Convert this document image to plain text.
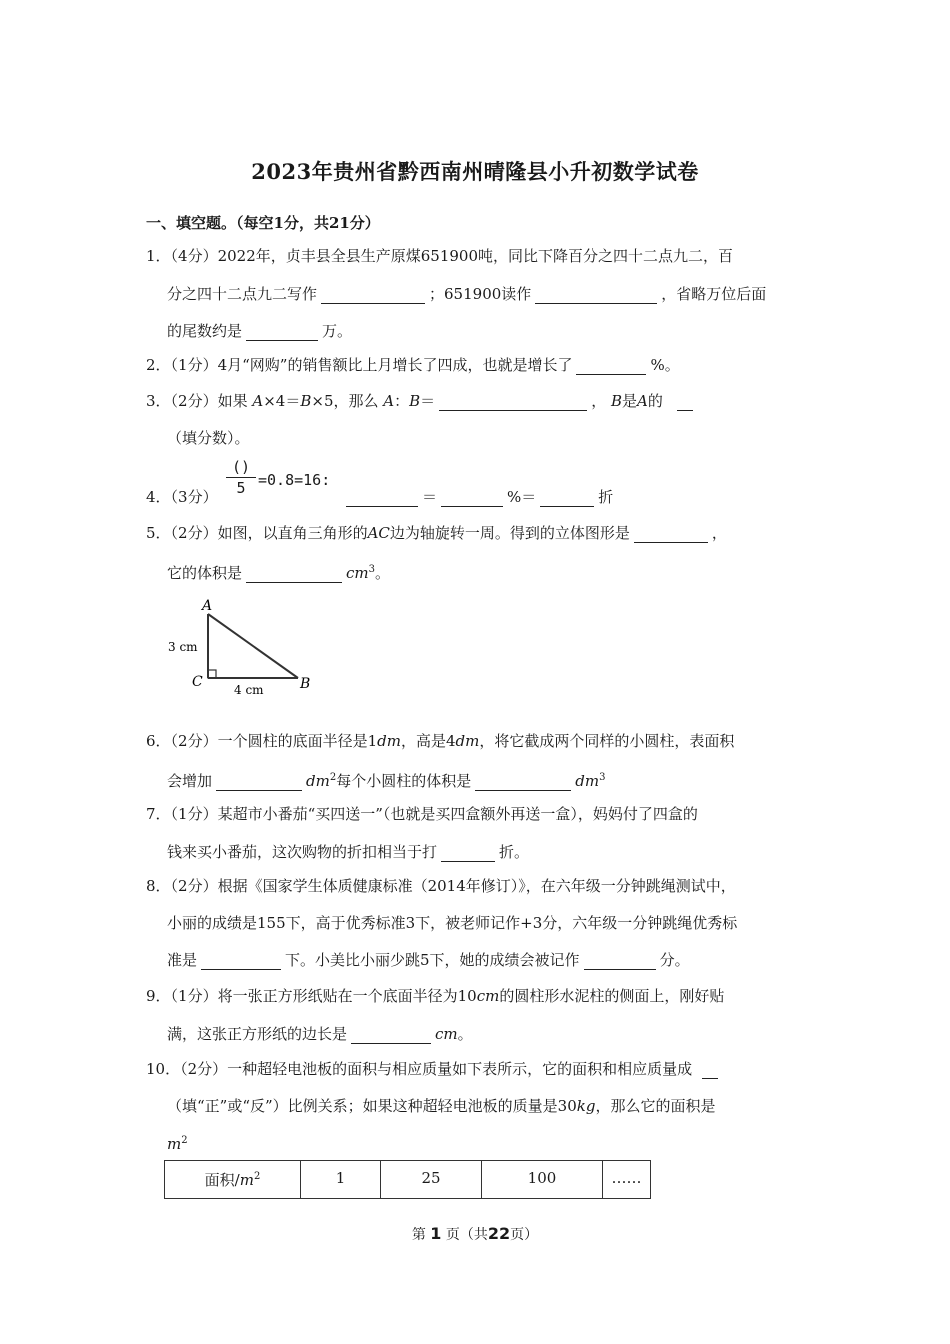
2023年贵州省黔西南州晴隆县小升初数学试卷
一、填空题。（每空1分，共21分）
1．（4分）2022年，贞丰县全县生产原煤651900吨，同比下降百分之四十二点九二，百
分之四十二点九二写作	；651900读作	，省略万位后面
的尾数约是	万。
2．（1分）4月“网购”的销售额比上月增长了四成，也就是增长了	%。
3．（2分）如果 A×4＝B×5，那么 A：B＝	， B是A的
（填分数）。
()
5 =0.8=16:
4．（3分）	＝	%＝	折
5．（2分）如图，以直角三角形的AC边为轴旋转一周。得到的立体图形是	，
它的体积是	$cm^3$。
A
B
C
3 cm
4 cm
6．（2分）一个圆柱的底面半径是1dm，高是4dm，将它截成两个同样的小圆柱，表面积
会增加	$dm^2$每个小圆柱的体积是	$dm^3$
7．（1分）某超市小番茄“买四送一”（也就是买四盒额外再送一盒），妈妈付了四盒的
钱来买小番茄，这次购物的折扣相当于打	折。
8．（2分）根据《国家学生体质健康标准（2014年修订）》，在六年级一分钟跳绳测试中，
小丽的成绩是155下，高于优秀标准3下，被老师记作+3分，六年级一分钟跳绳优秀标
准是	下。小美比小丽少跳5下，她的成绩会被记作	分。
9．（1分）将一张正方形纸贴在一个底面半径为10cm的圆柱形水泥柱的侧面上，刚好贴
满，这张正方形纸的边长是	cm。
10．（2分）一种超轻电池板的面积与相应质量如下表所示，它的面积和相应质量成
（填“正”或“反”）比例关系；如果这种超轻电池板的质量是30kg，那么它的面积是
$m^2$
面积$/m^2$	1	25	100	……
第 1 页（共22页）
